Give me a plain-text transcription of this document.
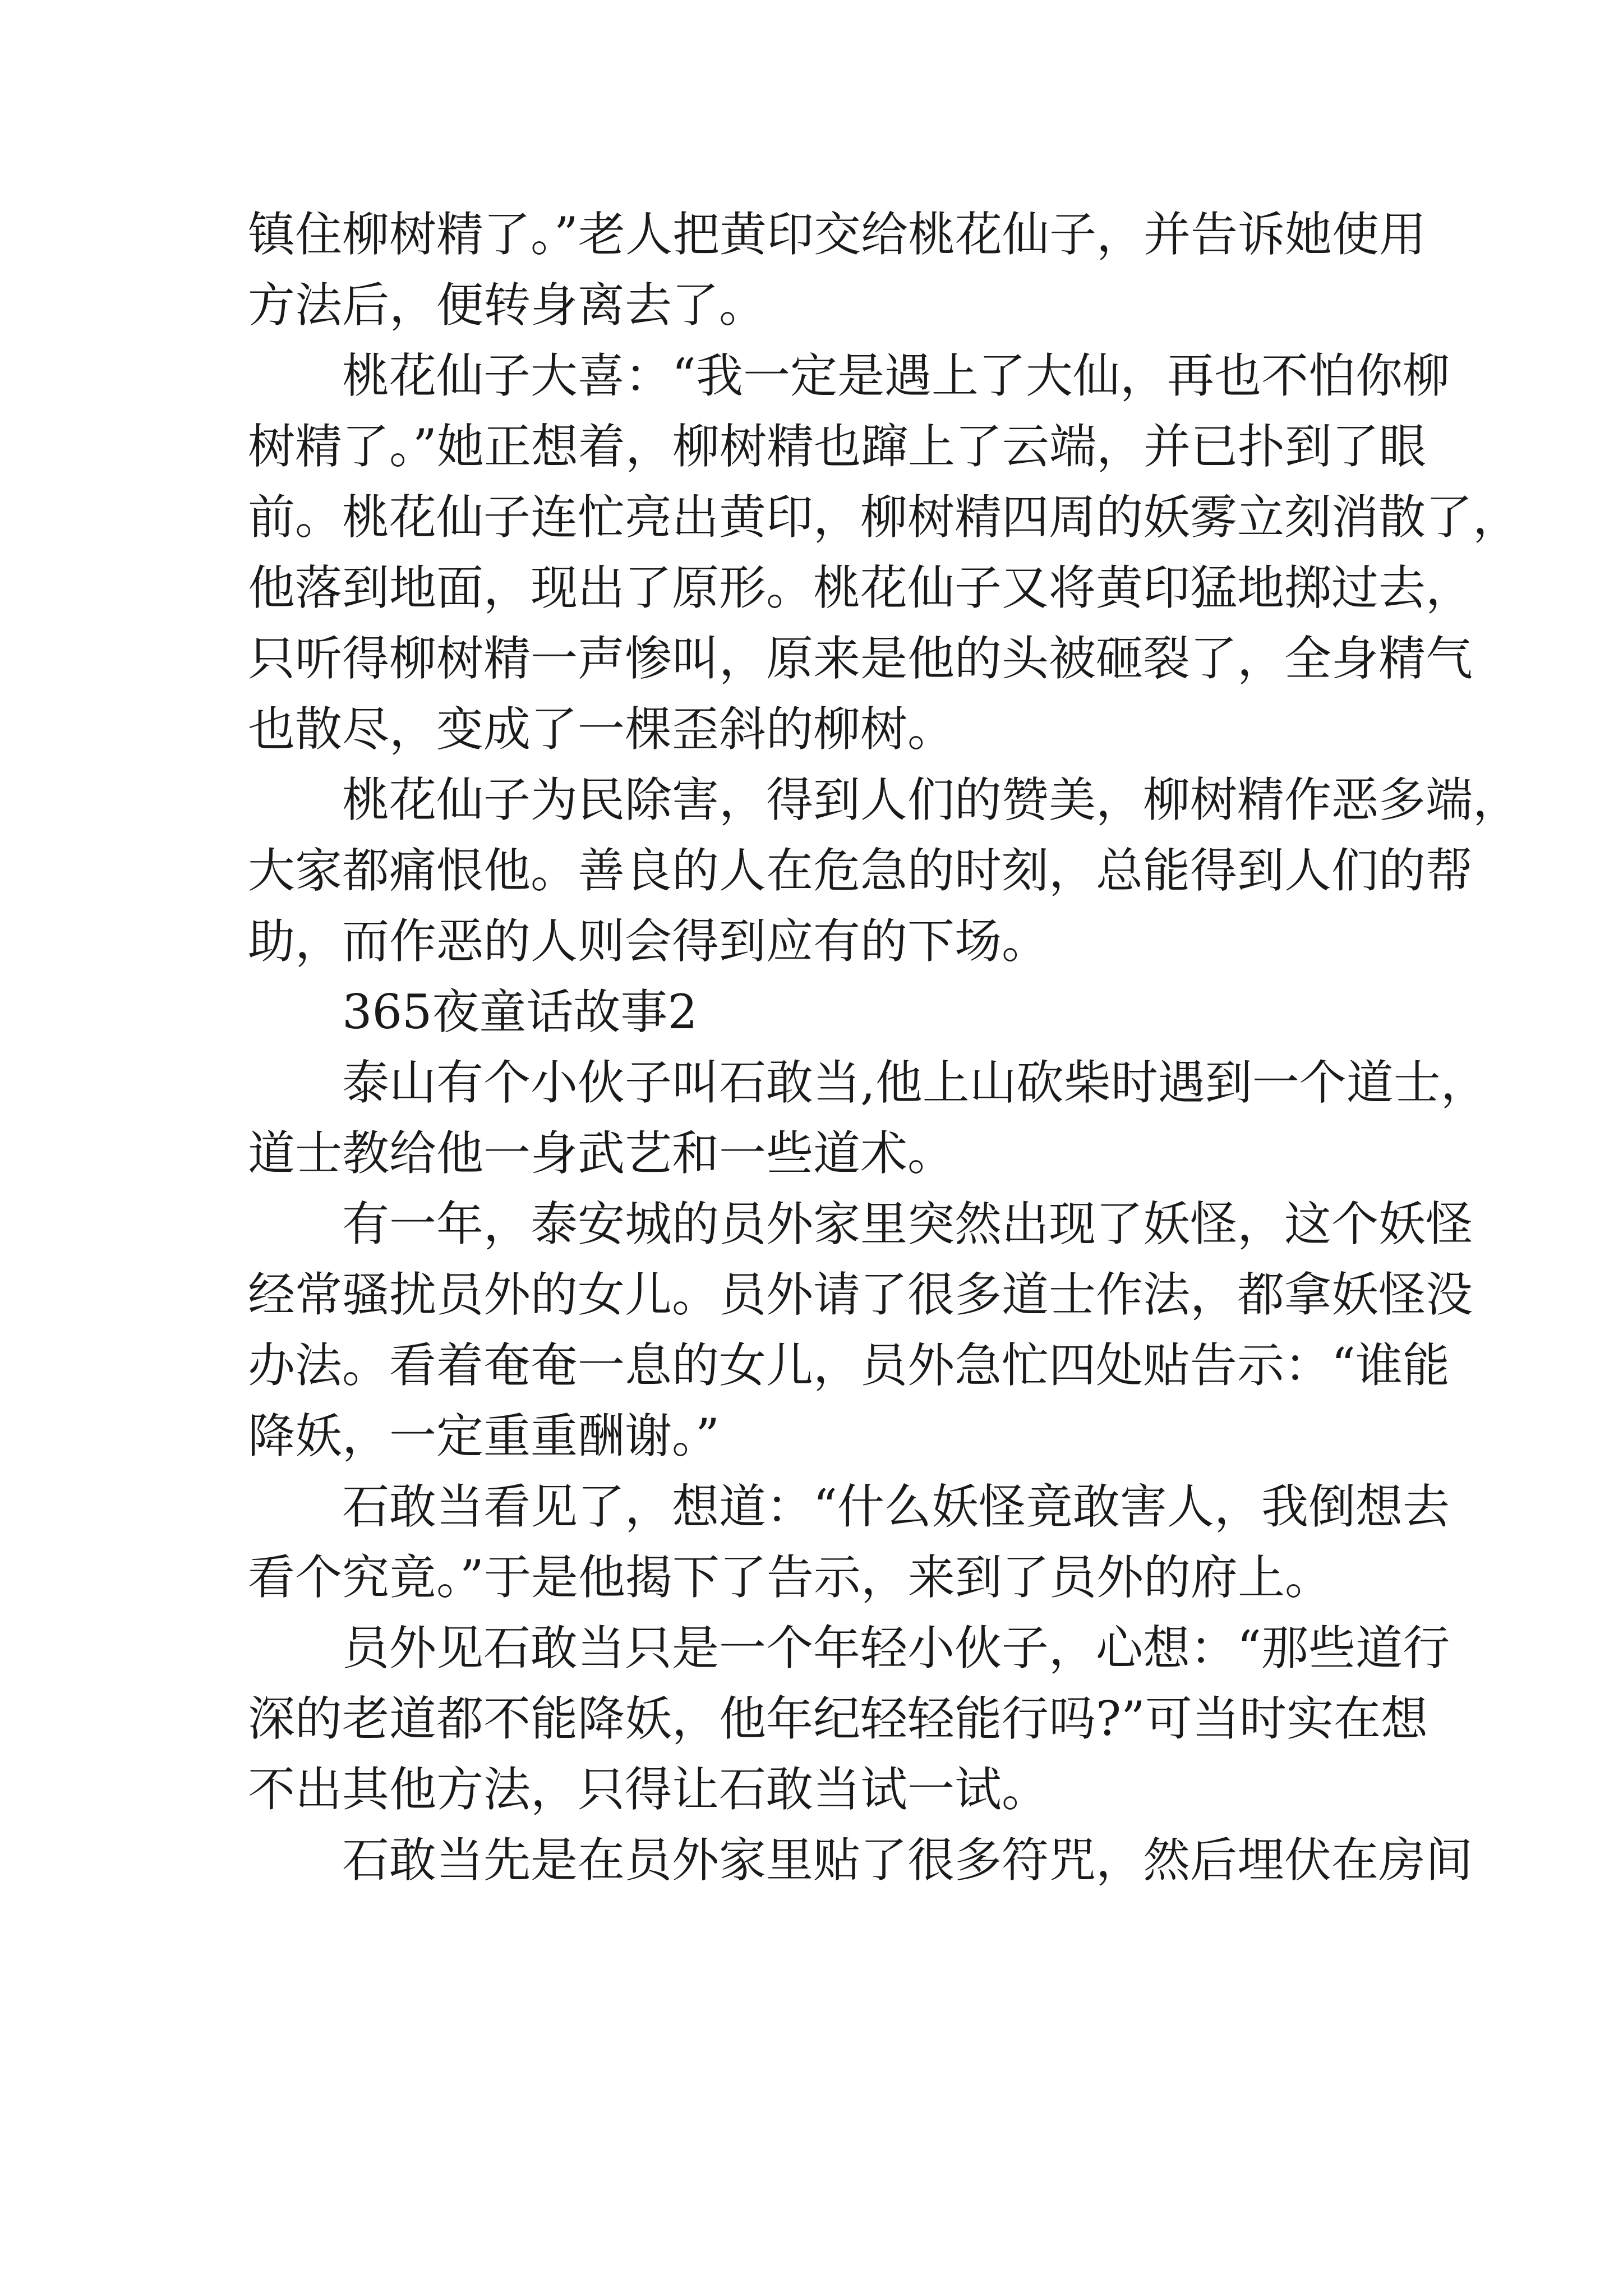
镇住柳树精了。”老人把黄印交给桃花仙子，并告诉她使用
方法后，便转身离去了。
桃花仙子大喜：“我一定是遇上了大仙，再也不怕你柳
树精了。”她正想着，柳树精也蹿上了云端，并已扑到了眼
前。桃花仙子连忙亮出黄印，柳树精四周的妖雾立刻消散了，
他落到地面，现出了原形。桃花仙子又将黄印猛地掷过去，
只听得柳树精一声惨叫，原来是他的头被砸裂了，全身精气
也散尽，变成了一棵歪斜的柳树。
桃花仙子为民除害，得到人们的赞美，柳树精作恶多端，
大家都痛恨他。善良的人在危急的时刻，总能得到人们的帮
助，而作恶的人则会得到应有的下场。
365夜童话故事2
泰山有个小伙子叫石敢当,他上山砍柴时遇到一个道士，
道士教给他一身武艺和一些道术。
有一年，泰安城的员外家里突然出现了妖怪，这个妖怪
经常骚扰员外的女儿。员外请了很多道士作法，都拿妖怪没
办法。看着奄奄一息的女儿，员外急忙四处贴告示：“谁能
降妖，一定重重酬谢。”
石敢当看见了，想道：“什么妖怪竟敢害人，我倒想去
看个究竟。”于是他揭下了告示，来到了员外的府上。
员外见石敢当只是一个年轻小伙子，心想：“那些道行
深的老道都不能降妖，他年纪轻轻能行吗?”可当时实在想
不出其他方法，只得让石敢当试一试。
石敢当先是在员外家里贴了很多符咒，然后埋伏在房间
